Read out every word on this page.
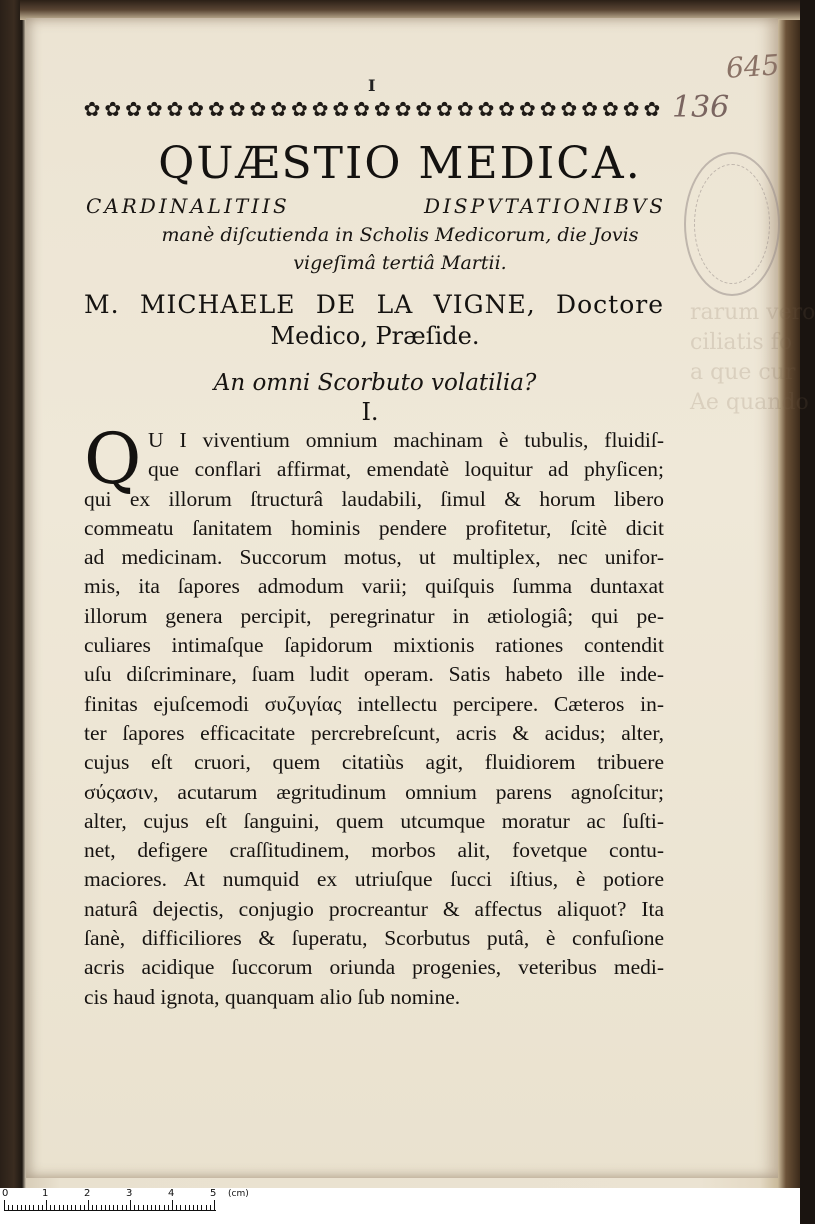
645
136
I
✿ ✿ ✿ ✿ ✿ ✿ ✿ ✿ ✿ ✿ ✿ ✿ ✿ ✿ ✿ ✿ ✿ ✿ ✿ ✿ ✿ ✿ ✿ ✿ ✿ ✿ ✿ ✿
QUÆSTIO MEDICA.
CARDINALITIIS DISPVTATIONIBVS
manè diſcutienda in Scholis Medicorum, die Jovis
vigeſimâ tertiâ Martii.
M. MICHAELE DE LA VIGNE, Doctore
Medico, Præſide.
An omni Scorbuto volatilia?
I.
Q U I viventium omnium machinam è tubulis, fluidiſ-
que conflari affirmat, emendatè loquitur ad phyſicen;
qui ex illorum ſtructurâ laudabili, ſimul & horum libero
commeatu ſanitatem hominis pendere profitetur, ſcitè dicit
ad medicinam. Succorum motus, ut multiplex, nec unifor-
mis, ita ſapores admodum varii; quiſquis ſumma duntaxat
illorum genera percipit, peregrinatur in ætiologiâ; qui pe-
culiares intimaſque ſapidorum mixtionis rationes contendit
uſu diſcriminare, ſuam ludit operam. Satis habeto ille inde-
finitas ejuſcemodi συζυγίας intellectu percipere. Cæteros in-
ter ſapores efficacitate percrebreſcunt, acris & acidus; alter,
cujus eſt cruori, quem citatiùs agit, fluidiorem tribuere
σύςασιν, acutarum ægritudinum omnium parens agnoſcitur;
alter, cujus eſt ſanguini, quem utcumque moratur ac ſuſti-
net, defigere craſſitudinem, morbos alit, fovetque contu-
maciores. At numquid ex utriuſque ſucci iſtius, è potiore
naturâ dejectis, conjugio procreantur & affectus aliquot? Ita
ſanè, difficiliores & ſuperatu, Scorbutus putâ, è confuſione
acris acidique ſuccorum oriunda progenies, veteribus medi-
cis haud ignota, quanquam alio ſub nomine.
0	1	2	3	4	5 (cm)
